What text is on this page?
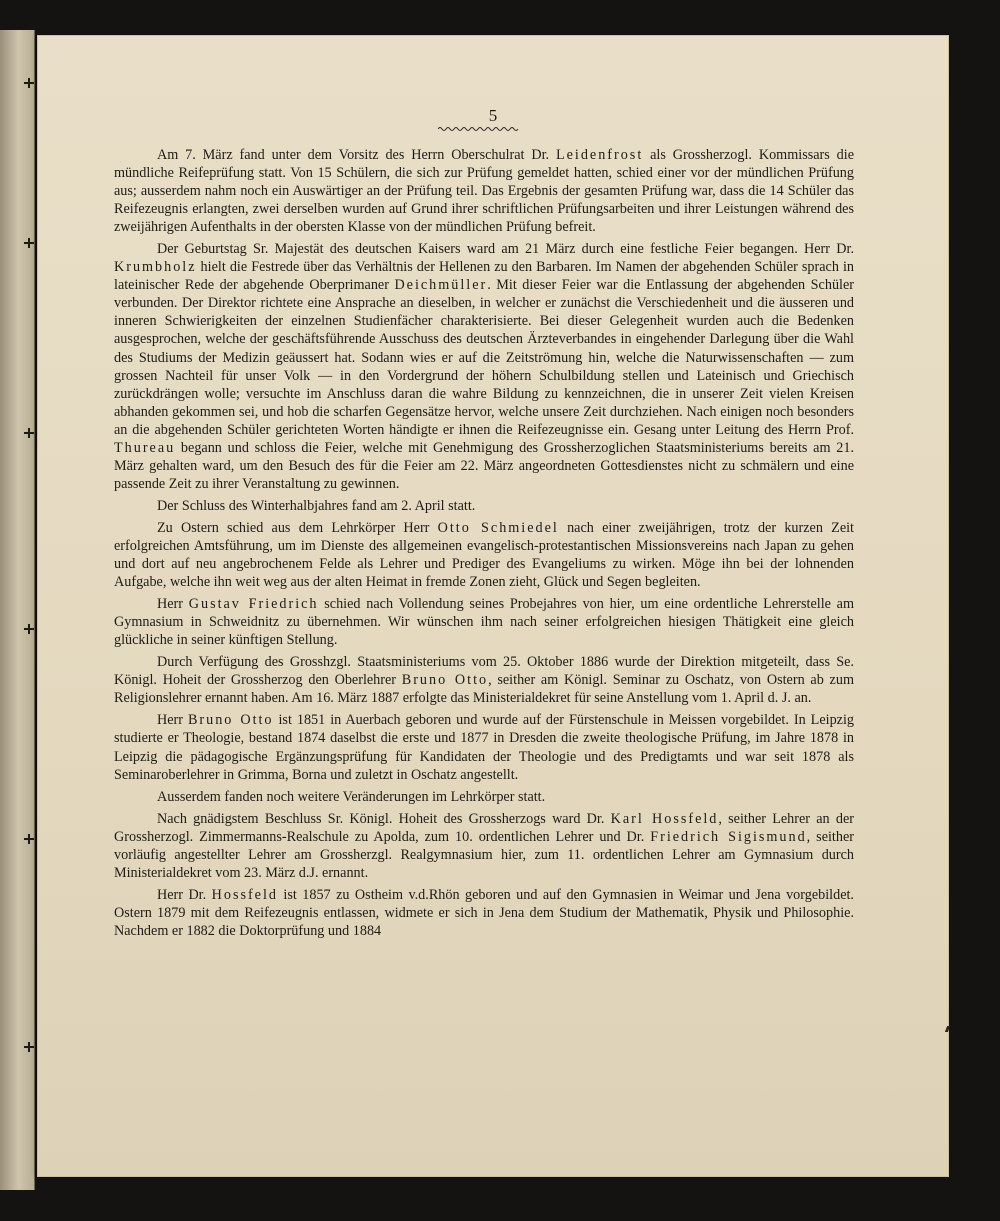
5

Am 7. März fand unter dem Vorsitz des Herrn Oberschulrat Dr. Leidenfrost als Grossherzogl. Kommissars die mündliche Reifeprüfung statt. Von 15 Schülern, die sich zur Prüfung gemeldet hatten, schied einer vor der mündlichen Prüfung aus; ausserdem nahm noch ein Auswärtiger an der Prüfung teil. Das Ergebnis der gesamten Prüfung war, dass die 14 Schüler das Reifezeugnis erlangten, zwei derselben wurden auf Grund ihrer schriftlichen Prüfungsarbeiten und ihrer Leistungen während des zweijährigen Aufenthalts in der obersten Klasse von der mündlichen Prüfung befreit.

Der Geburtstag Sr. Majestät des deutschen Kaisers ward am 21 März durch eine festliche Feier begangen. Herr Dr. Krumbholz hielt die Festrede über das Verhältnis der Hellenen zu den Barbaren. Im Namen der abgehenden Schüler sprach in lateinischer Rede der abgehende Oberprimaner Deichmüller. Mit dieser Feier war die Entlassung der abgehenden Schüler verbunden. Der Direktor richtete eine Ansprache an dieselben, in welcher er zunächst die Verschiedenheit und die äusseren und inneren Schwierigkeiten der einzelnen Studienfächer charakterisierte. Bei dieser Gelegenheit wurden auch die Bedenken ausgesprochen, welche der geschäftsführende Ausschuss des deutschen Ärzteverbandes in eingehender Darlegung über die Wahl des Studiums der Medizin geäussert hat. Sodann wies er auf die Zeitströmung hin, welche die Naturwissenschaften — zum grossen Nachteil für unser Volk — in den Vordergrund der höhern Schulbildung stellen und Lateinisch und Griechisch zurückdrängen wolle; versuchte im Anschluss daran die wahre Bildung zu kennzeichnen, die in unserer Zeit vielen Kreisen abhanden gekommen sei, und hob die scharfen Gegensätze hervor, welche unsere Zeit durchziehen. Nach einigen noch besonders an die abgehenden Schüler gerichteten Worten händigte er ihnen die Reifezeugnisse ein. Gesang unter Leitung des Herrn Prof. Thureau begann und schloss die Feier, welche mit Genehmigung des Grossherzoglichen Staatsministeriums bereits am 21. März gehalten ward, um den Besuch des für die Feier am 22. März angeordneten Gottesdienstes nicht zu schmälern und eine passende Zeit zu ihrer Veranstaltung zu gewinnen.

Der Schluss des Winterhalbjahres fand am 2. April statt.

Zu Ostern schied aus dem Lehrkörper Herr Otto Schmiedel nach einer zweijährigen, trotz der kurzen Zeit erfolgreichen Amtsführung, um im Dienste des allgemeinen evangelisch-protestantischen Missionsvereins nach Japan zu gehen und dort auf neu angebrochenem Felde als Lehrer und Prediger des Evangeliums zu wirken. Möge ihn bei der lohnenden Aufgabe, welche ihn weit weg aus der alten Heimat in fremde Zonen zieht, Glück und Segen begleiten.

Herr Gustav Friedrich schied nach Vollendung seines Probejahres von hier, um eine ordentliche Lehrerstelle am Gymnasium in Schweidnitz zu übernehmen. Wir wünschen ihm nach seiner erfolgreichen hiesigen Thätigkeit eine gleich glückliche in seiner künftigen Stellung.

Durch Verfügung des Grosshzgl. Staatsministeriums vom 25. Oktober 1886 wurde der Direktion mitgeteilt, dass Se. Königl. Hoheit der Grossherzog den Oberlehrer Bruno Otto, seither am Königl. Seminar zu Oschatz, von Ostern ab zum Religionslehrer ernannt haben. Am 16. März 1887 erfolgte das Ministerialdekret für seine Anstellung vom 1. April d. J. an.

Herr Bruno Otto ist 1851 in Auerbach geboren und wurde auf der Fürstenschule in Meissen vorgebildet. In Leipzig studierte er Theologie, bestand 1874 daselbst die erste und 1877 in Dresden die zweite theologische Prüfung, im Jahre 1878 in Leipzig die pädagogische Ergänzungsprüfung für Kandidaten der Theologie und des Predigtamts und war seit 1878 als Seminaroberlehrer in Grimma, Borna und zuletzt in Oschatz angestellt.

Ausserdem fanden noch weitere Veränderungen im Lehrkörper statt.

Nach gnädigstem Beschluss Sr. Königl. Hoheit des Grossherzogs ward Dr. Karl Hossfeld, seither Lehrer an der Grossherzogl. Zimmermanns-Realschule zu Apolda, zum 10. ordentlichen Lehrer und Dr. Friedrich Sigismund, seither vorläufig angestellter Lehrer am Grossherzgl. Realgymnasium hier, zum 11. ordentlichen Lehrer am Gymnasium durch Ministerialdekret vom 23. März d.J. ernannt.

Herr Dr. Hossfeld ist 1857 zu Ostheim v.d.Rhön geboren und auf den Gymnasien in Weimar und Jena vorgebildet. Ostern 1879 mit dem Reifezeugnis entlassen, widmete er sich in Jena dem Studium der Mathematik, Physik und Philosophie. Nachdem er 1882 die Doktorprüfung und 1884
